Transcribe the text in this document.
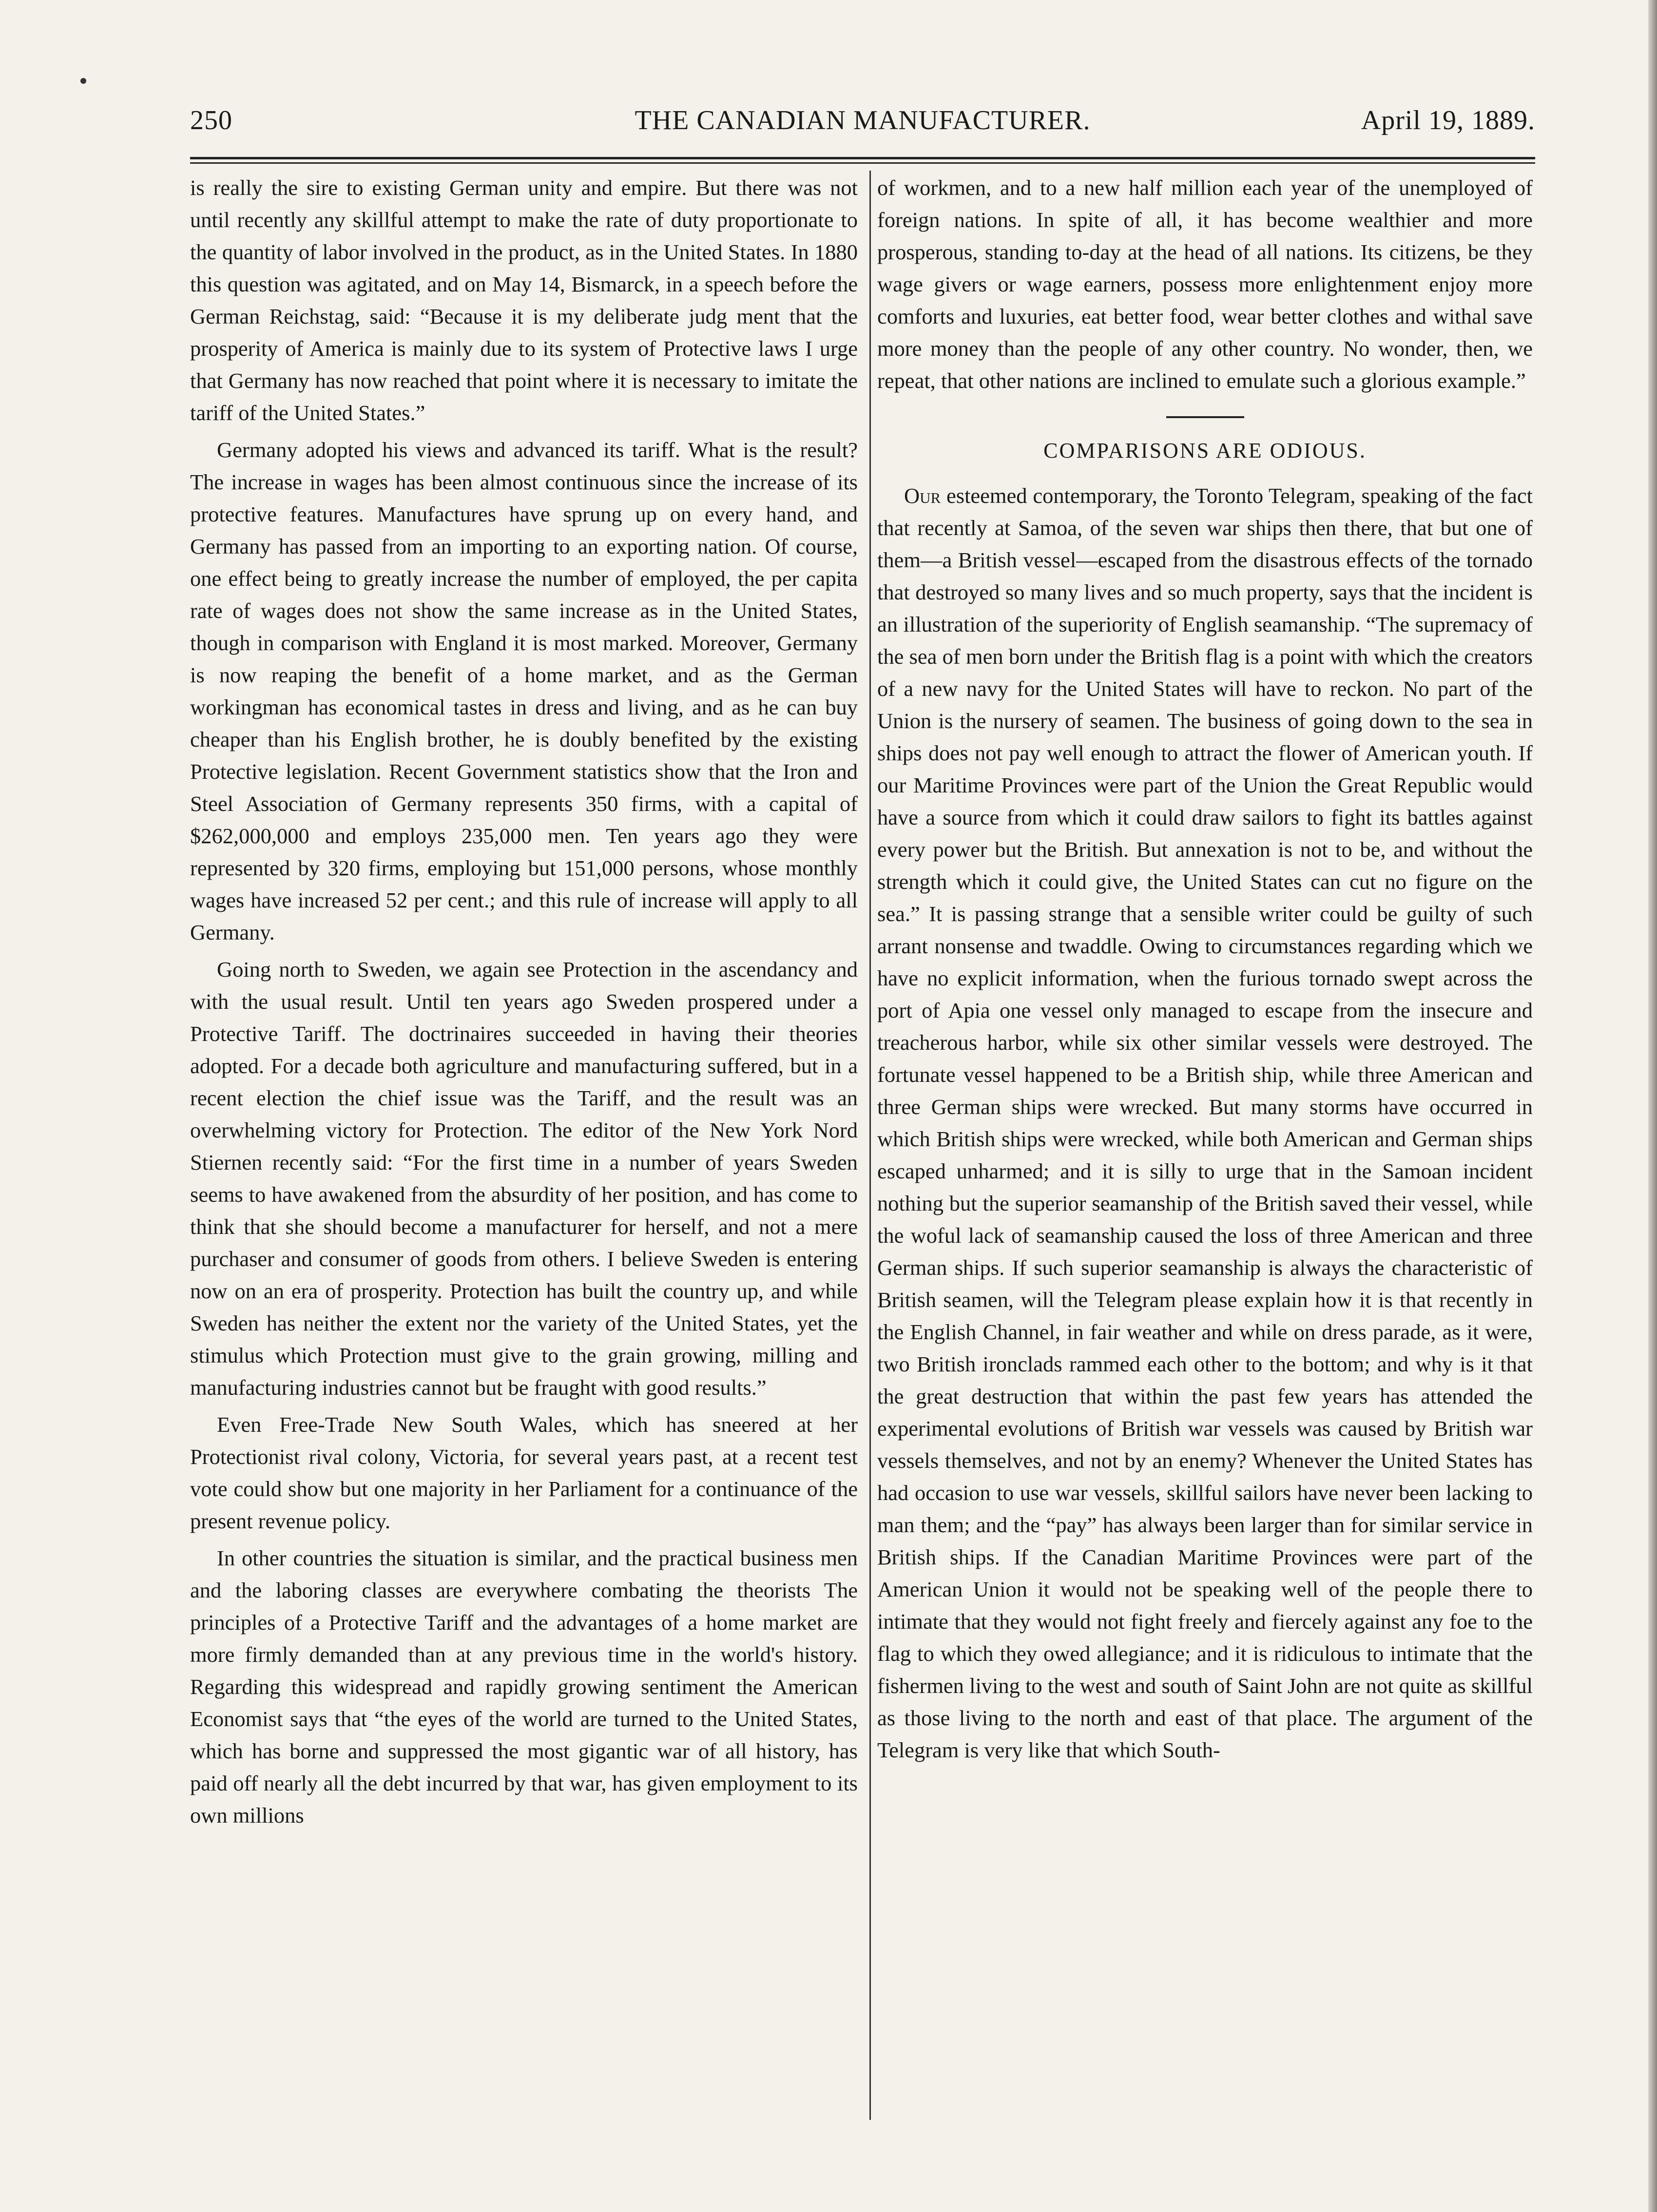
250	THE CANADIAN MANUFACTURER.	April 19, 1889.

is really the sire to existing German unity and empire. But there was not until recently any skillful attempt to make the rate of duty proportionate to the quantity of labor involved in the product, as in the United States. In 1880 this question was agitated, and on May 14, Bismarck, in a speech before the German Reichstag, said: “Because it is my deliberate judg ment that the prosperity of America is mainly due to its system of Protective laws I urge that Germany has now reached that point where it is necessary to imitate the tariff of the United States.”

Germany adopted his views and advanced its tariff. What is the result? The increase in wages has been almost continuous since the increase of its protective features. Manufactures have sprung up on every hand, and Germany has passed from an importing to an exporting nation. Of course, one effect being to greatly increase the number of employed, the per capita rate of wages does not show the same increase as in the United States, though in comparison with England it is most marked. Moreover, Germany is now reaping the benefit of a home market, and as the German workingman has economical tastes in dress and living, and as he can buy cheaper than his English brother, he is doubly benefited by the existing Protective legislation. Recent Government statistics show that the Iron and Steel Association of Germany represents 350 firms, with a capital of $262,000,000 and employs 235,000 men. Ten years ago they were represented by 320 firms, employing but 151,000 persons, whose monthly wages have increased 52 per cent.; and this rule of increase will apply to all Germany.

Going north to Sweden, we again see Protection in the ascendancy and with the usual result. Until ten years ago Sweden prospered under a Protective Tariff. The doctrinaires succeeded in having their theories adopted. For a decade both agriculture and manufacturing suffered, but in a recent election the chief issue was the Tariff, and the result was an overwhelming victory for Protection. The editor of the New York Nord Stiernen recently said: “For the first time in a number of years Sweden seems to have awakened from the absurdity of her position, and has come to think that she should become a manufacturer for herself, and not a mere purchaser and consumer of goods from others. I believe Sweden is entering now on an era of prosperity. Protection has built the country up, and while Sweden has neither the extent nor the variety of the United States, yet the stimulus which Protection must give to the grain growing, milling and manufacturing industries cannot but be fraught with good results.”

Even Free-Trade New South Wales, which has sneered at her Protectionist rival colony, Victoria, for several years past, at a recent test vote could show but one majority in her Parliament for a continuance of the present revenue policy.

In other countries the situation is similar, and the practical business men and the laboring classes are everywhere combating the theorists The principles of a Protective Tariff and the advantages of a home market are more firmly demanded than at any previous time in the world's history. Regarding this widespread and rapidly growing sentiment the American Economist says that “the eyes of the world are turned to the United States, which has borne and suppressed the most gigantic war of all history, has paid off nearly all the debt incurred by that war, has given employment to its own millions

of workmen, and to a new half million each year of the unemployed of foreign nations. In spite of all, it has become wealthier and more prosperous, standing to-day at the head of all nations. Its citizens, be they wage givers or wage earners, possess more enlightenment enjoy more comforts and luxuries, eat better food, wear better clothes and withal save more money than the people of any other country. No wonder, then, we repeat, that other nations are inclined to emulate such a glorious example.”

COMPARISONS ARE ODIOUS.

Our esteemed contemporary, the Toronto Telegram, speaking of the fact that recently at Samoa, of the seven war ships then there, that but one of them—a British vessel—escaped from the disastrous effects of the tornado that destroyed so many lives and so much property, says that the incident is an illustration of the superiority of English seamanship. “The supremacy of the sea of men born under the British flag is a point with which the creators of a new navy for the United States will have to reckon. No part of the Union is the nursery of seamen. The business of going down to the sea in ships does not pay well enough to attract the flower of American youth. If our Maritime Provinces were part of the Union the Great Republic would have a source from which it could draw sailors to fight its battles against every power but the British. But annexation is not to be, and without the strength which it could give, the United States can cut no figure on the sea.” It is passing strange that a sensible writer could be guilty of such arrant nonsense and twaddle. Owing to circumstances regarding which we have no explicit information, when the furious tornado swept across the port of Apia one vessel only managed to escape from the insecure and treacherous harbor, while six other similar vessels were destroyed. The fortunate vessel happened to be a British ship, while three American and three German ships were wrecked. But many storms have occurred in which British ships were wrecked, while both American and German ships escaped unharmed; and it is silly to urge that in the Samoan incident nothing but the superior seamanship of the British saved their vessel, while the woful lack of seamanship caused the loss of three American and three German ships. If such superior seamanship is always the characteristic of British seamen, will the Telegram please explain how it is that recently in the English Channel, in fair weather and while on dress parade, as it were, two British ironclads rammed each other to the bottom; and why is it that the great destruction that within the past few years has attended the experimental evolutions of British war vessels was caused by British war vessels themselves, and not by an enemy? Whenever the United States has had occasion to use war vessels, skillful sailors have never been lacking to man them; and the “pay” has always been larger than for similar service in British ships. If the Canadian Maritime Provinces were part of the American Union it would not be speaking well of the people there to intimate that they would not fight freely and fiercely against any foe to the flag to which they owed allegiance; and it is ridiculous to intimate that the fishermen living to the west and south of Saint John are not quite as skillful as those living to the north and east of that place. The argument of the Telegram is very like that which South-
